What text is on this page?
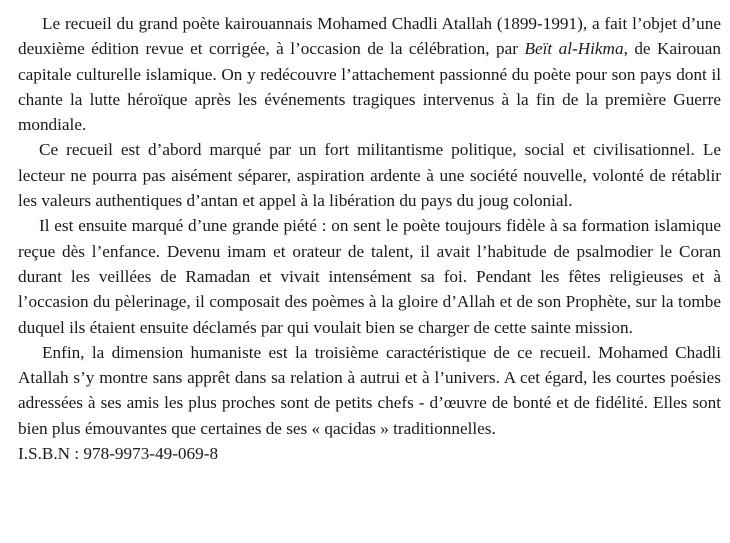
Le recueil du grand poète kairouannais Mohamed Chadli Atallah (1899-1991), a fait l’objet d’une deuxième édition revue et corrigée, à l’occasion de la célébration, par Beït al-Hikma, de Kairouan capitale culturelle islamique. On y redécouvre l’attachement passionné du poète pour son pays dont il chante la lutte héroïque après les événements tragiques intervenus à la fin de la première Guerre mondiale.

Ce recueil est d’abord marqué par un fort militantisme politique, social et civilisationnel. Le lecteur ne pourra pas aisément séparer, aspiration ardente à une société nouvelle, volonté de rétablir les valeurs authentiques d’antan et appel à la libération du pays du joug colonial.

Il est ensuite marqué d’une grande piété : on sent le poète toujours fidèle à sa formation islamique reçue dès l’enfance. Devenu imam et orateur de talent, il avait l’habitude de psalmodier le Coran durant les veillées de Ramadan et vivait intensément sa foi. Pendant les fêtes religieuses et à l’occasion du pèlerinage, il composait des poèmes à la gloire d’Allah et de son Prophète, sur la tombe duquel ils étaient ensuite déclamés par qui voulait bien se charger de cette sainte mission.

Enfin, la dimension humaniste est la troisième caractéristique de ce recueil. Mohamed Chadli Atallah s’y montre sans apprêt dans sa relation à autrui et à l’univers. A cet égard, les courtes poésies adressées à ses amis les plus proches sont de petits chefs - d’œuvre de bonté et de fidélité. Elles sont bien plus émouvantes que certaines de ses « qacidas » traditionnelles.

I.S.B.N : 978-9973-49-069-8
